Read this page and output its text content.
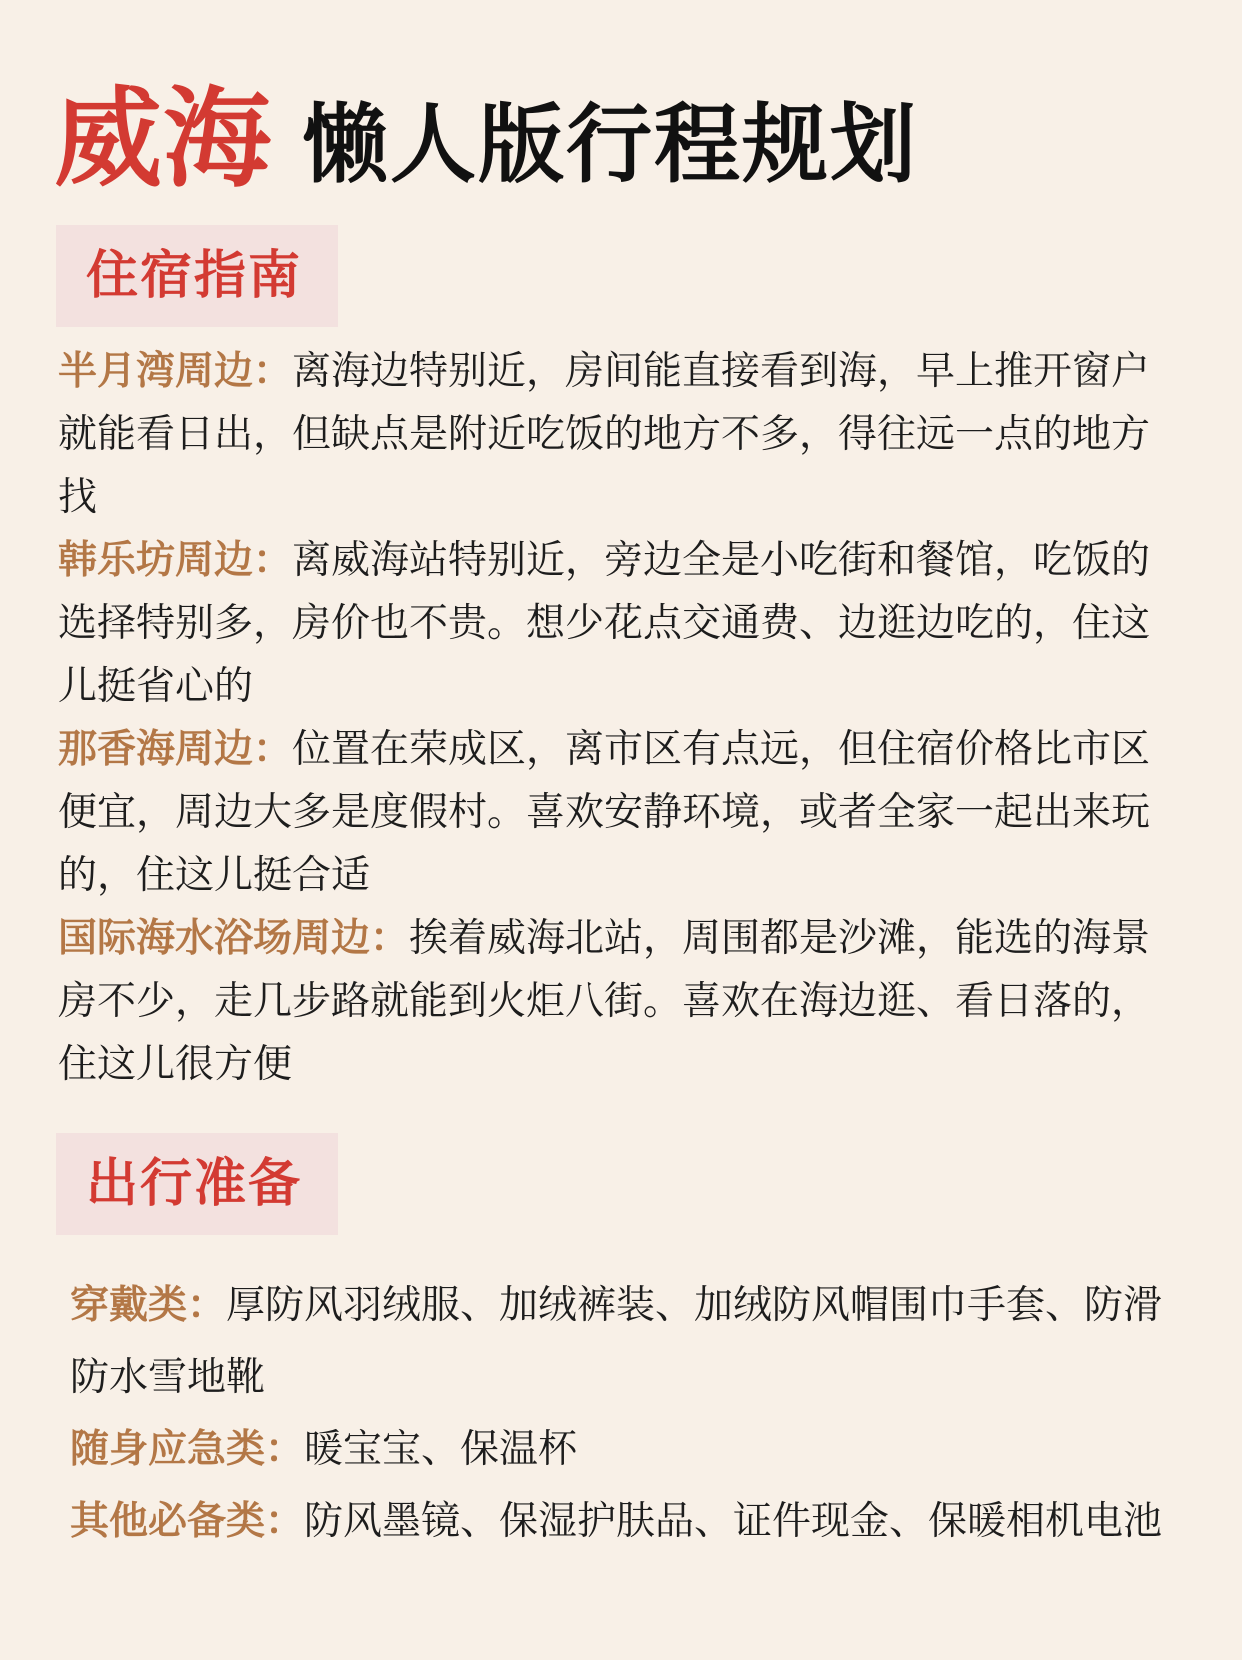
威海 懒人版行程规划
住宿指南
半月湾周边：离海边特别近，房间能直接看到海，早上推开窗户就能看日出，但缺点是附近吃饭的地方不多，得往远一点的地方找
韩乐坊周边：离威海站特别近，旁边全是小吃街和餐馆，吃饭的选择特别多，房价也不贵。想少花点交通费、边逛边吃的，住这儿挺省心的
那香海周边：位置在荣成区，离市区有点远，但住宿价格比市区便宜，周边大多是度假村。喜欢安静环境，或者全家一起出来玩的，住这儿挺合适
国际海水浴场周边：挨着威海北站，周围都是沙滩，能选的海景房不少，走几步路就能到火炬八街。喜欢在海边逛、看日落的，住这儿很方便
出行准备
穿戴类：厚防风羽绒服、加绒裤装、加绒防风帽围巾手套、防滑防水雪地靴
随身应急类：暖宝宝、保温杯
其他必备类：防风墨镜、保湿护肤品、证件现金、保暖相机电池
